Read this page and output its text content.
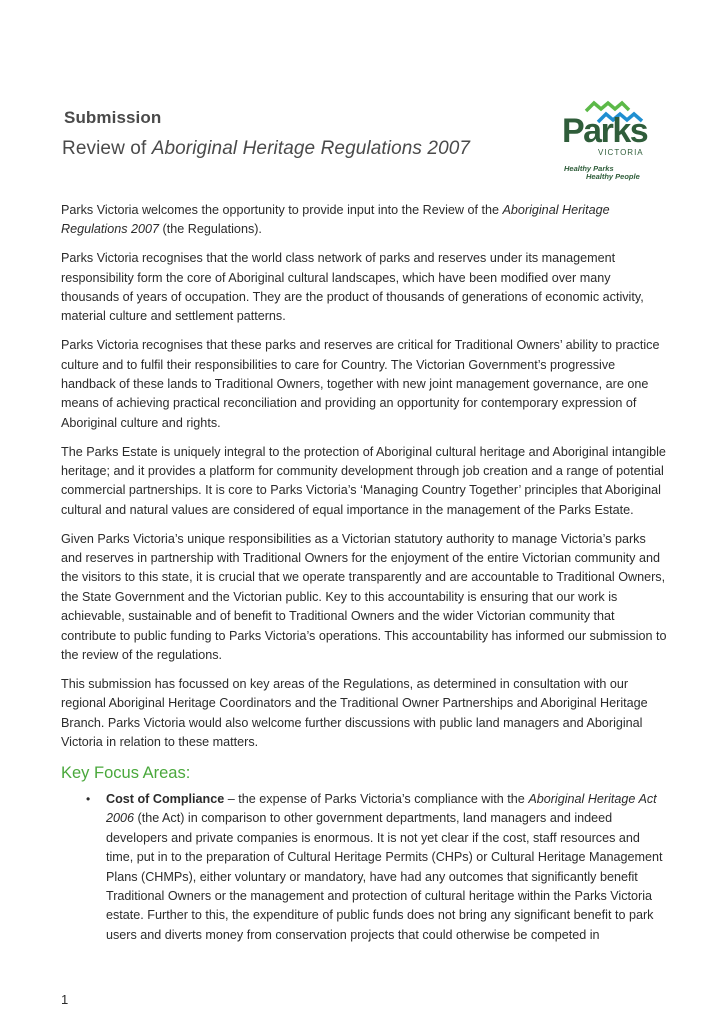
Submission
Review of Aboriginal Heritage Regulations 2007	Parks
VICTORIA
Healthy Parks
Healthy People

Parks Victoria welcomes the opportunity to provide input into the Review of the Aboriginal Heritage Regulations 2007 (the Regulations).

Parks Victoria recognises that the world class network of parks and reserves under its management responsibility form the core of Aboriginal cultural landscapes, which have been modified over many thousands of years of occupation. They are the product of thousands of generations of economic activity, material culture and settlement patterns.

Parks Victoria recognises that these parks and reserves are critical for Traditional Owners’ ability to practice culture and to fulfil their responsibilities to care for Country. The Victorian Government’s progressive handback of these lands to Traditional Owners, together with new joint management governance, are one means of achieving practical reconciliation and providing an opportunity for contemporary expression of Aboriginal culture and rights.

The Parks Estate is uniquely integral to the protection of Aboriginal cultural heritage and Aboriginal intangible heritage; and it provides a platform for community development through job creation and a range of potential commercial partnerships. It is core to Parks Victoria’s ‘Managing Country Together’ principles that Aboriginal cultural and natural values are considered of equal importance in the management of the Parks Estate.

Given Parks Victoria’s unique responsibilities as a Victorian statutory authority to manage Victoria’s parks and reserves in partnership with Traditional Owners for the enjoyment of the entire Victorian community and the visitors to this state, it is crucial that we operate transparently and are accountable to Traditional Owners, the State Government and the Victorian public. Key to this accountability is ensuring that our work is achievable, sustainable and of benefit to Traditional Owners and the wider Victorian community that contribute to public funding to Parks Victoria’s operations. This accountability has informed our submission to the review of the regulations.

This submission has focussed on key areas of the Regulations, as determined in consultation with our regional Aboriginal Heritage Coordinators and the Traditional Owner Partnerships and Aboriginal Heritage Branch. Parks Victoria would also welcome further discussions with public land managers and Aboriginal Victoria in relation to these matters.

Key Focus Areas:
• Cost of Compliance – the expense of Parks Victoria’s compliance with the Aboriginal Heritage Act 2006 (the Act) in comparison to other government departments, land managers and indeed developers and private companies is enormous. It is not yet clear if the cost, staff resources and time, put in to the preparation of Cultural Heritage Permits (CHPs) or Cultural Heritage Management Plans (CHMPs), either voluntary or mandatory, have had any outcomes that significantly benefit Traditional Owners or the management and protection of cultural heritage within the Parks Victoria estate. Further to this, the expenditure of public funds does not bring any significant benefit to park users and diverts money from conservation projects that could otherwise be competed in
1
